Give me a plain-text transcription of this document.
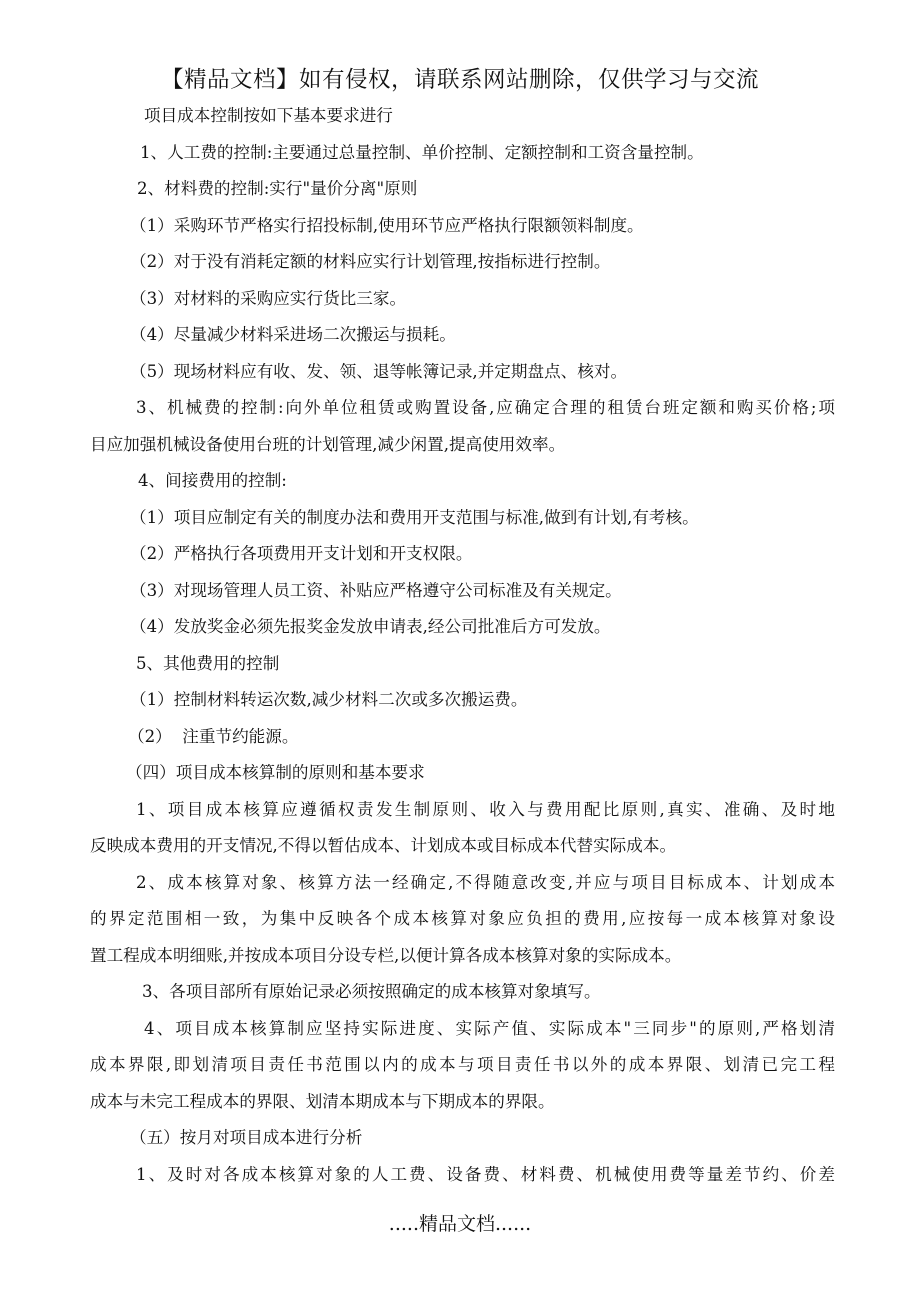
【精品文档】如有侵权，请联系网站删除，仅供学习与交流
项目成本控制按如下基本要求进行
1、人工费的控制:主要通过总量控制、单价控制、定额控制和工资含量控制。
2、材料费的控制:实行"量价分离"原则
（1）采购环节严格实行招投标制,使用环节应严格执行限额领料制度。
（2）对于没有消耗定额的材料应实行计划管理,按指标进行控制。
（3）对材料的采购应实行货比三家。
（4）尽量减少材料采进场二次搬运与损耗。
（5）现场材料应有收、发、领、退等帐簿记录,并定期盘点、核对。
3、机械费的控制:向外单位租赁或购置设备,应确定合理的租赁台班定额和购买价格;项
目应加强机械设备使用台班的计划管理,减少闲置,提高使用效率。
4、间接费用的控制:
（1）项目应制定有关的制度办法和费用开支范围与标准,做到有计划,有考核。
（2）严格执行各项费用开支计划和开支权限。
（3）对现场管理人员工资、补贴应严格遵守公司标准及有关规定。
（4）发放奖金必须先报奖金发放申请表,经公司批准后方可发放。
5、其他费用的控制
（1）控制材料转运次数,减少材料二次或多次搬运费。
（2）  注重节约能源。
（四）项目成本核算制的原则和基本要求
1、项目成本核算应遵循权责发生制原则、收入与费用配比原则,真实、准确、及时地
反映成本费用的开支情况,不得以暂估成本、计划成本或目标成本代替实际成本。
2、成本核算对象、核算方法一经确定,不得随意改变,并应与项目目标成本、计划成本
的界定范围相一致，为集中反映各个成本核算对象应负担的费用,应按每一成本核算对象设
置工程成本明细账,并按成本项目分设专栏,以便计算各成本核算对象的实际成本。
3、各项目部所有原始记录必须按照确定的成本核算对象填写。
4、项目成本核算制应坚持实际进度、实际产值、实际成本"三同步"的原则,严格划清
成本界限,即划清项目责任书范围以内的成本与项目责任书以外的成本界限、划清已完工程
成本与未完工程成本的界限、划清本期成本与下期成本的界限。
（五）按月对项目成本进行分析
1、及时对各成本核算对象的人工费、设备费、材料费、机械使用费等量差节约、价差
.....精品文档......
